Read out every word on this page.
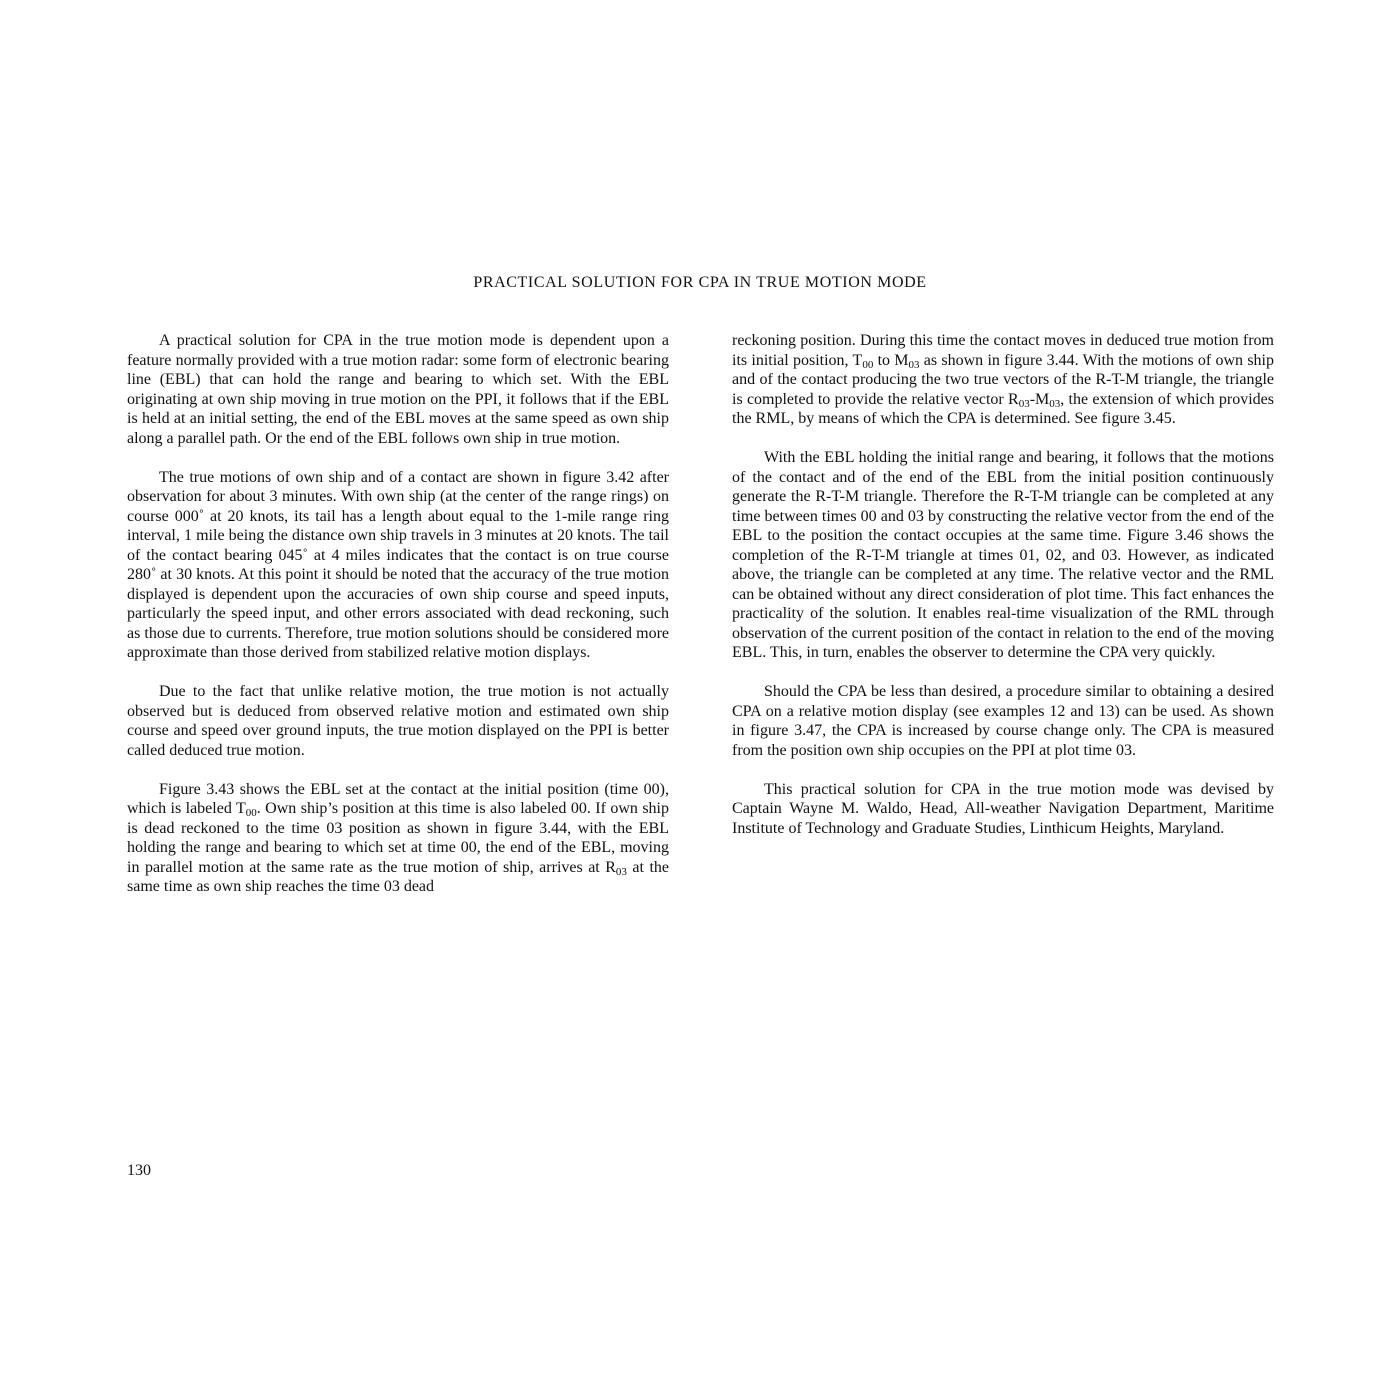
PRACTICAL SOLUTION FOR CPA IN TRUE MOTION MODE

A practical solution for CPA in the true motion mode is dependent upon a feature normally provided with a true motion radar: some form of electronic bearing line (EBL) that can hold the range and bearing to which set. With the EBL originating at own ship moving in true motion on the PPI, it follows that if the EBL is held at an initial setting, the end of the EBL moves at the same speed as own ship along a parallel path. Or the end of the EBL follows own ship in true motion.

The true motions of own ship and of a contact are shown in figure 3.42 after observation for about 3 minutes. With own ship (at the center of the range rings) on course 000˚ at 20 knots, its tail has a length about equal to the 1-mile range ring interval, 1 mile being the distance own ship travels in 3 minutes at 20 knots. The tail of the contact bearing 045˚ at 4 miles indicates that the contact is on true course 280˚ at 30 knots. At this point it should be noted that the accuracy of the true motion displayed is dependent upon the accuracies of own ship course and speed inputs, particularly the speed input, and other errors associated with dead reckoning, such as those due to currents. Therefore, true motion solutions should be considered more approximate than those derived from stabilized relative motion displays.

Due to the fact that unlike relative motion, the true motion is not actually observed but is deduced from observed relative motion and estimated own ship course and speed over ground inputs, the true motion displayed on the PPI is better called deduced true motion.

Figure 3.43 shows the EBL set at the contact at the initial position (time 00), which is labeled $T_{00}$. Own ship’s position at this time is also labeled 00. If own ship is dead reckoned to the time 03 position as shown in figure 3.44, with the EBL holding the range and bearing to which set at time 00, the end of the EBL, moving in parallel motion at the same rate as the true motion of ship, arrives at $R_{03}$ at the same time as own ship reaches the time 03 dead

reckoning position. During this time the contact moves in deduced true motion from its initial position, $T_{00}$ to $M_{03}$ as shown in figure 3.44. With the motions of own ship and of the contact producing the two true vectors of the R-T-M triangle, the triangle is completed to provide the relative vector $R_{03}-M_{03}$, the extension of which provides the RML, by means of which the CPA is determined. See figure 3.45.

With the EBL holding the initial range and bearing, it follows that the motions of the contact and of the end of the EBL from the initial position continuously generate the R-T-M triangle. Therefore the R-T-M triangle can be completed at any time between times 00 and 03 by constructing the relative vector from the end of the EBL to the position the contact occupies at the same time. Figure 3.46 shows the completion of the R-T-M triangle at times 01, 02, and 03. However, as indicated above, the triangle can be completed at any time. The relative vector and the RML can be obtained without any direct consideration of plot time. This fact enhances the practicality of the solution. It enables real-time visualization of the RML through observation of the current position of the contact in relation to the end of the moving EBL. This, in turn, enables the observer to determine the CPA very quickly.

Should the CPA be less than desired, a procedure similar to obtaining a desired CPA on a relative motion display (see examples 12 and 13) can be used. As shown in figure 3.47, the CPA is increased by course change only. The CPA is measured from the position own ship occupies on the PPI at plot time 03.

This practical solution for CPA in the true motion mode was devised by Captain Wayne M. Waldo, Head, All-weather Navigation Department, Maritime Institute of Technology and Graduate Studies, Linthicum Heights, Maryland.

130
